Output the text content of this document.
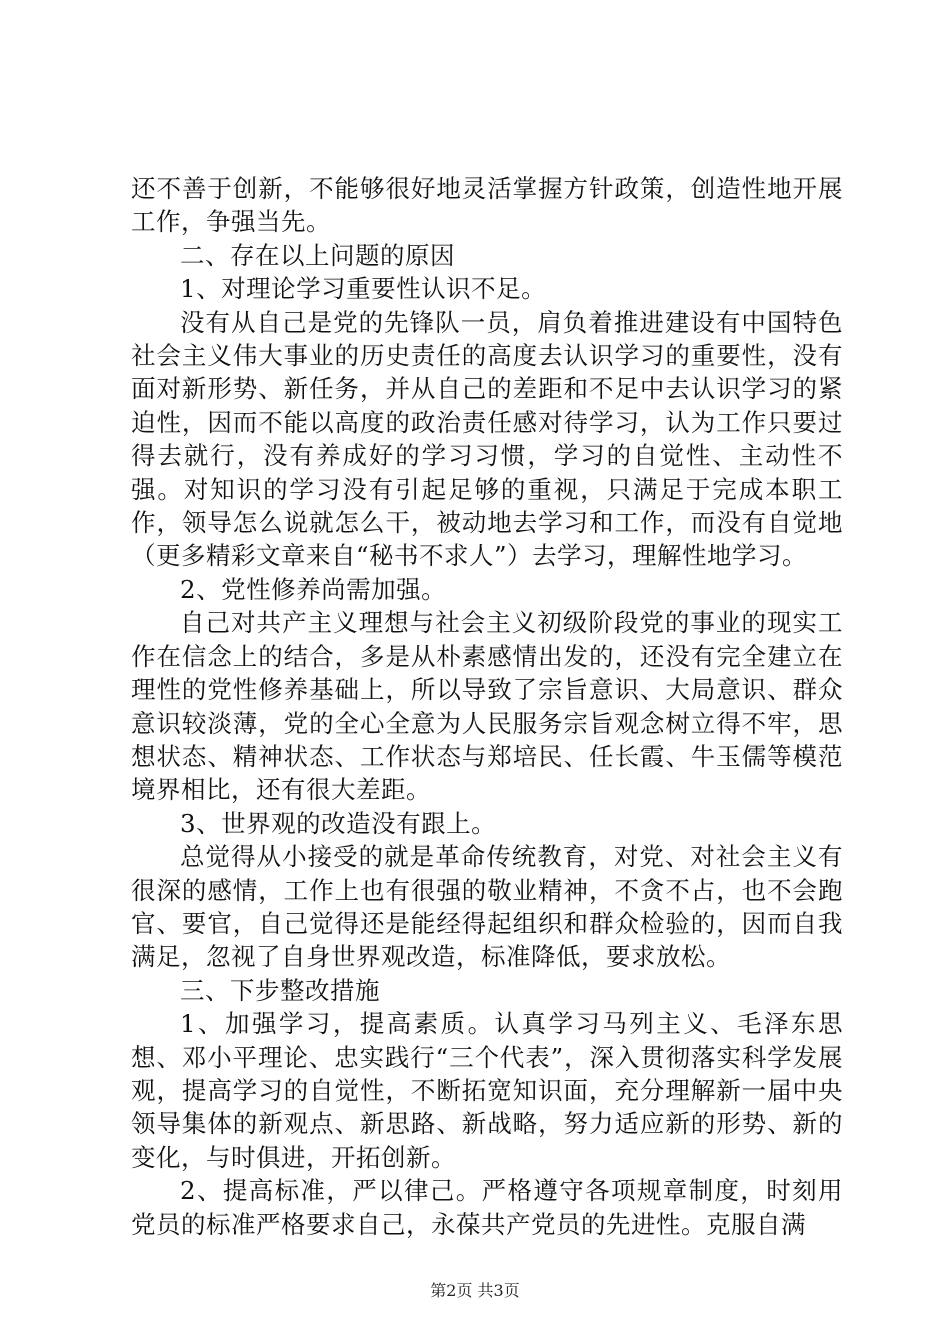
还不善于创新，不能够很好地灵活掌握方针政策，创造性地开展工作，争强当先。

二、存在以上问题的原因

1、对理论学习重要性认识不足。

没有从自己是党的先锋队一员，肩负着推进建设有中国特色社会主义伟大事业的历史责任的高度去认识学习的重要性，没有面对新形势、新任务，并从自己的差距和不足中去认识学习的紧迫性，因而不能以高度的政治责任感对待学习，认为工作只要过得去就行，没有养成好的学习习惯，学习的自觉性、主动性不强。对知识的学习没有引起足够的重视，只满足于完成本职工作，领导怎么说就怎么干，被动地去学习和工作，而没有自觉地（更多精彩文章来自“秘书不求人”）去学习，理解性地学习。

2、党性修养尚需加强。

自己对共产主义理想与社会主义初级阶段党的事业的现实工作在信念上的结合，多是从朴素感情出发的，还没有完全建立在理性的党性修养基础上，所以导致了宗旨意识、大局意识、群众意识较淡薄，党的全心全意为人民服务宗旨观念树立得不牢，思想状态、精神状态、工作状态与郑培民、任长霞、牛玉儒等模范境界相比，还有很大差距。

3、世界观的改造没有跟上。

总觉得从小接受的就是革命传统教育，对党、对社会主义有很深的感情，工作上也有很强的敬业精神，不贪不占，也不会跑官、要官，自己觉得还是能经得起组织和群众检验的，因而自我满足，忽视了自身世界观改造，标准降低，要求放松。

三、下步整改措施

1、加强学习，提高素质。认真学习马列主义、毛泽东思想、邓小平理论、忠实践行“三个代表”，深入贯彻落实科学发展观，提高学习的自觉性，不断拓宽知识面，充分理解新一届中央领导集体的新观点、新思路、新战略，努力适应新的形势、新的变化，与时俱进，开拓创新。

2、提高标准，严以律己。严格遵守各项规章制度，时刻用党员的标准严格要求自己，永葆共产党员的先进性。克服自满

第2页 共3页
